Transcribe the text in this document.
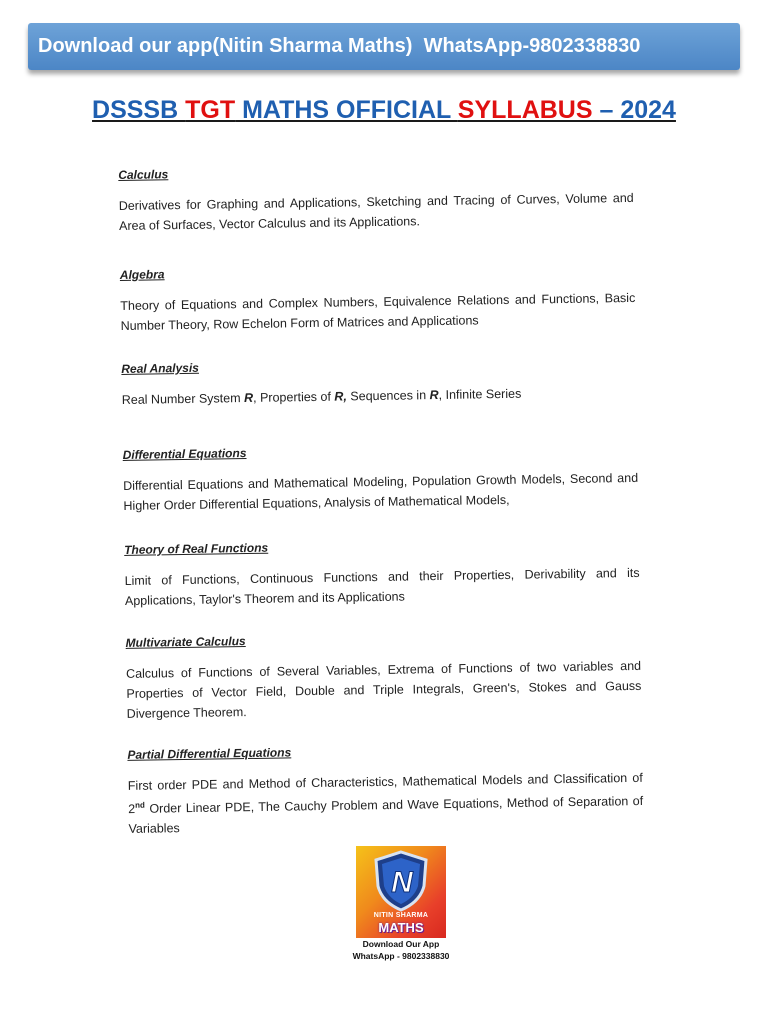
Download our app(Nitin Sharma Maths)  WhatsApp-9802338830
DSSSB TGT MATHS OFFICIAL SYLLABUS – 2024
Calculus
Derivatives for Graphing and Applications, Sketching and Tracing of Curves, Volume and Area of Surfaces, Vector Calculus and its Applications.
Algebra
Theory of Equations and Complex Numbers, Equivalence Relations and Functions, Basic Number Theory, Row Echelon Form of Matrices and Applications
Real Analysis
Real Number System R, Properties of R, Sequences in R, Infinite Series
Differential Equations
Differential Equations and Mathematical Modeling, Population Growth Models, Second and Higher Order Differential Equations, Analysis of Mathematical Models,
Theory of Real Functions
Limit of Functions, Continuous Functions and their Properties, Derivability and its Applications, Taylor's Theorem and its Applications
Multivariate Calculus
Calculus of Functions of Several Variables, Extrema of Functions of two variables and Properties of Vector Field, Double and Triple Integrals, Green's, Stokes and Gauss Divergence Theorem.
Partial Differential Equations
First order PDE and Method of Characteristics, Mathematical Models and Classification of 2nd Order Linear PDE, The Cauchy Problem and Wave Equations, Method of Separation of Variables
N
NITIN SHARMA
MATHS
Download Our App
WhatsApp - 9802338830
